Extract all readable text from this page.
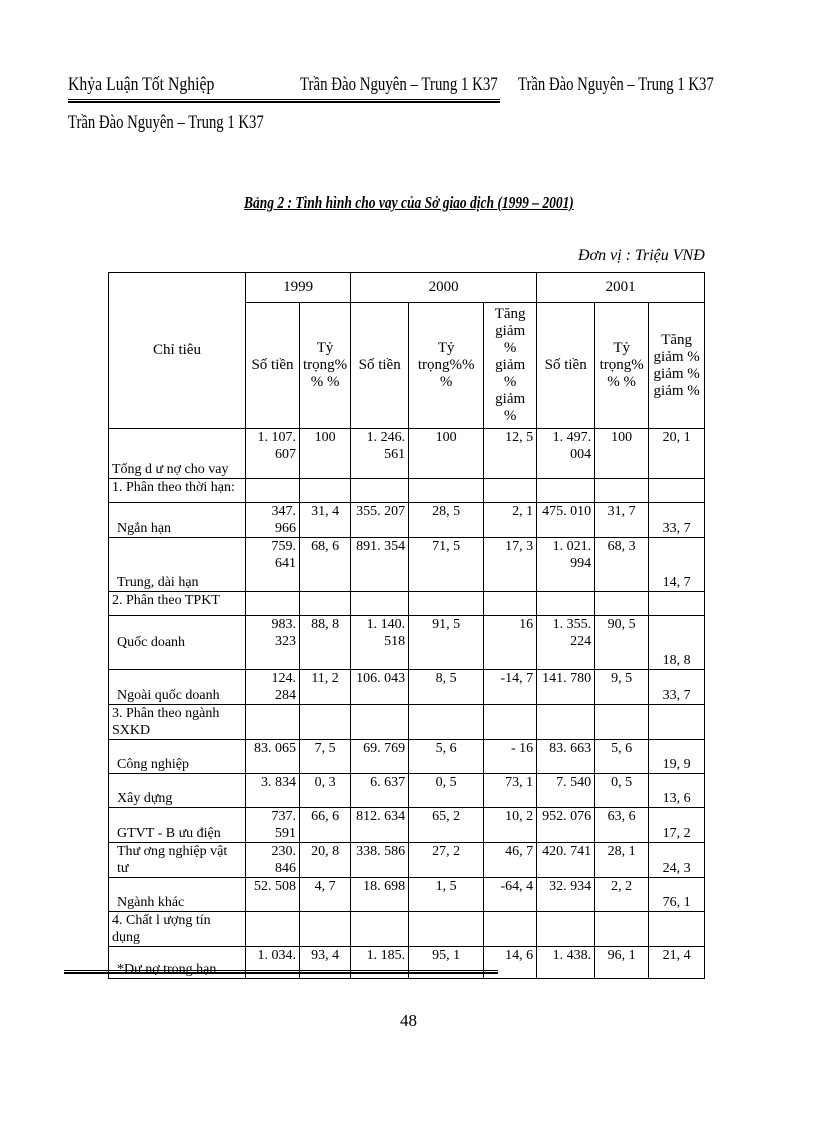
Khỷa Luận Tốt Nghiệp	Trần Đào Nguyên – Trung 1 K37 Trần Đào Nguyên – Trung 1 K37
Trần Đào Nguyên – Trung 1 K37
Bảng 2 : Tình hình cho vay của Sở giao dịch (1999 – 2001)
Đơn vị : Triệu VNĐ
Chỉ tiêu	1999		2000			2001		
	Số tiền	Tỷ trọng% % %	Số tiền	Tỷ trọng%% %	Tăng giảm % giảm % giảm %	Số tiền	Tỷ trọng% % %	Tăng giảm % giảm % giảm %
Tổng d ư nợ cho vay	1. 107. 607	100	1. 246. 561	100	12, 5	1. 497. 004	100	20, 1
1. Phân theo thời hạn:								
Ngắn hạn	347. 966	31, 4	355. 207	28, 5	2, 1	475. 010	31, 7	33, 7
Trung, dài hạn	759. 641	68, 6	891. 354	71, 5	17, 3	1. 021. 994	68, 3	14, 7
2. Phân theo TPKT								
Quốc doanh	983. 323	88, 8	1. 140. 518	91, 5	16	1. 355. 224	90, 5	18, 8
Ngoài quốc doanh	124. 284	11, 2	106. 043	8, 5	-14, 7	141. 780	9, 5	33, 7
3. Phân theo ngành SXKD								
Công nghiệp	83. 065	7, 5	69. 769	5, 6	- 16	83. 663	5, 6	19, 9
Xây dựng	3. 834	0, 3	6. 637	0, 5	73, 1	7. 540	0, 5	13, 6
GTVT - B ưu điện	737. 591	66, 6	812. 634	65, 2	10, 2	952. 076	63, 6	17, 2
Thư ơng nghiệp vật tư	230. 846	20, 8	338. 586	27, 2	46, 7	420. 741	28, 1	24, 3
Ngành khác	52. 508	4, 7	18. 698	1, 5	-64, 4	32. 934	2, 2	76, 1
4. Chất l ượng tín dụng								
	1. 034.	93, 4	1. 185.	95, 1	14, 6	1. 438.	96, 1	21, 4
48
